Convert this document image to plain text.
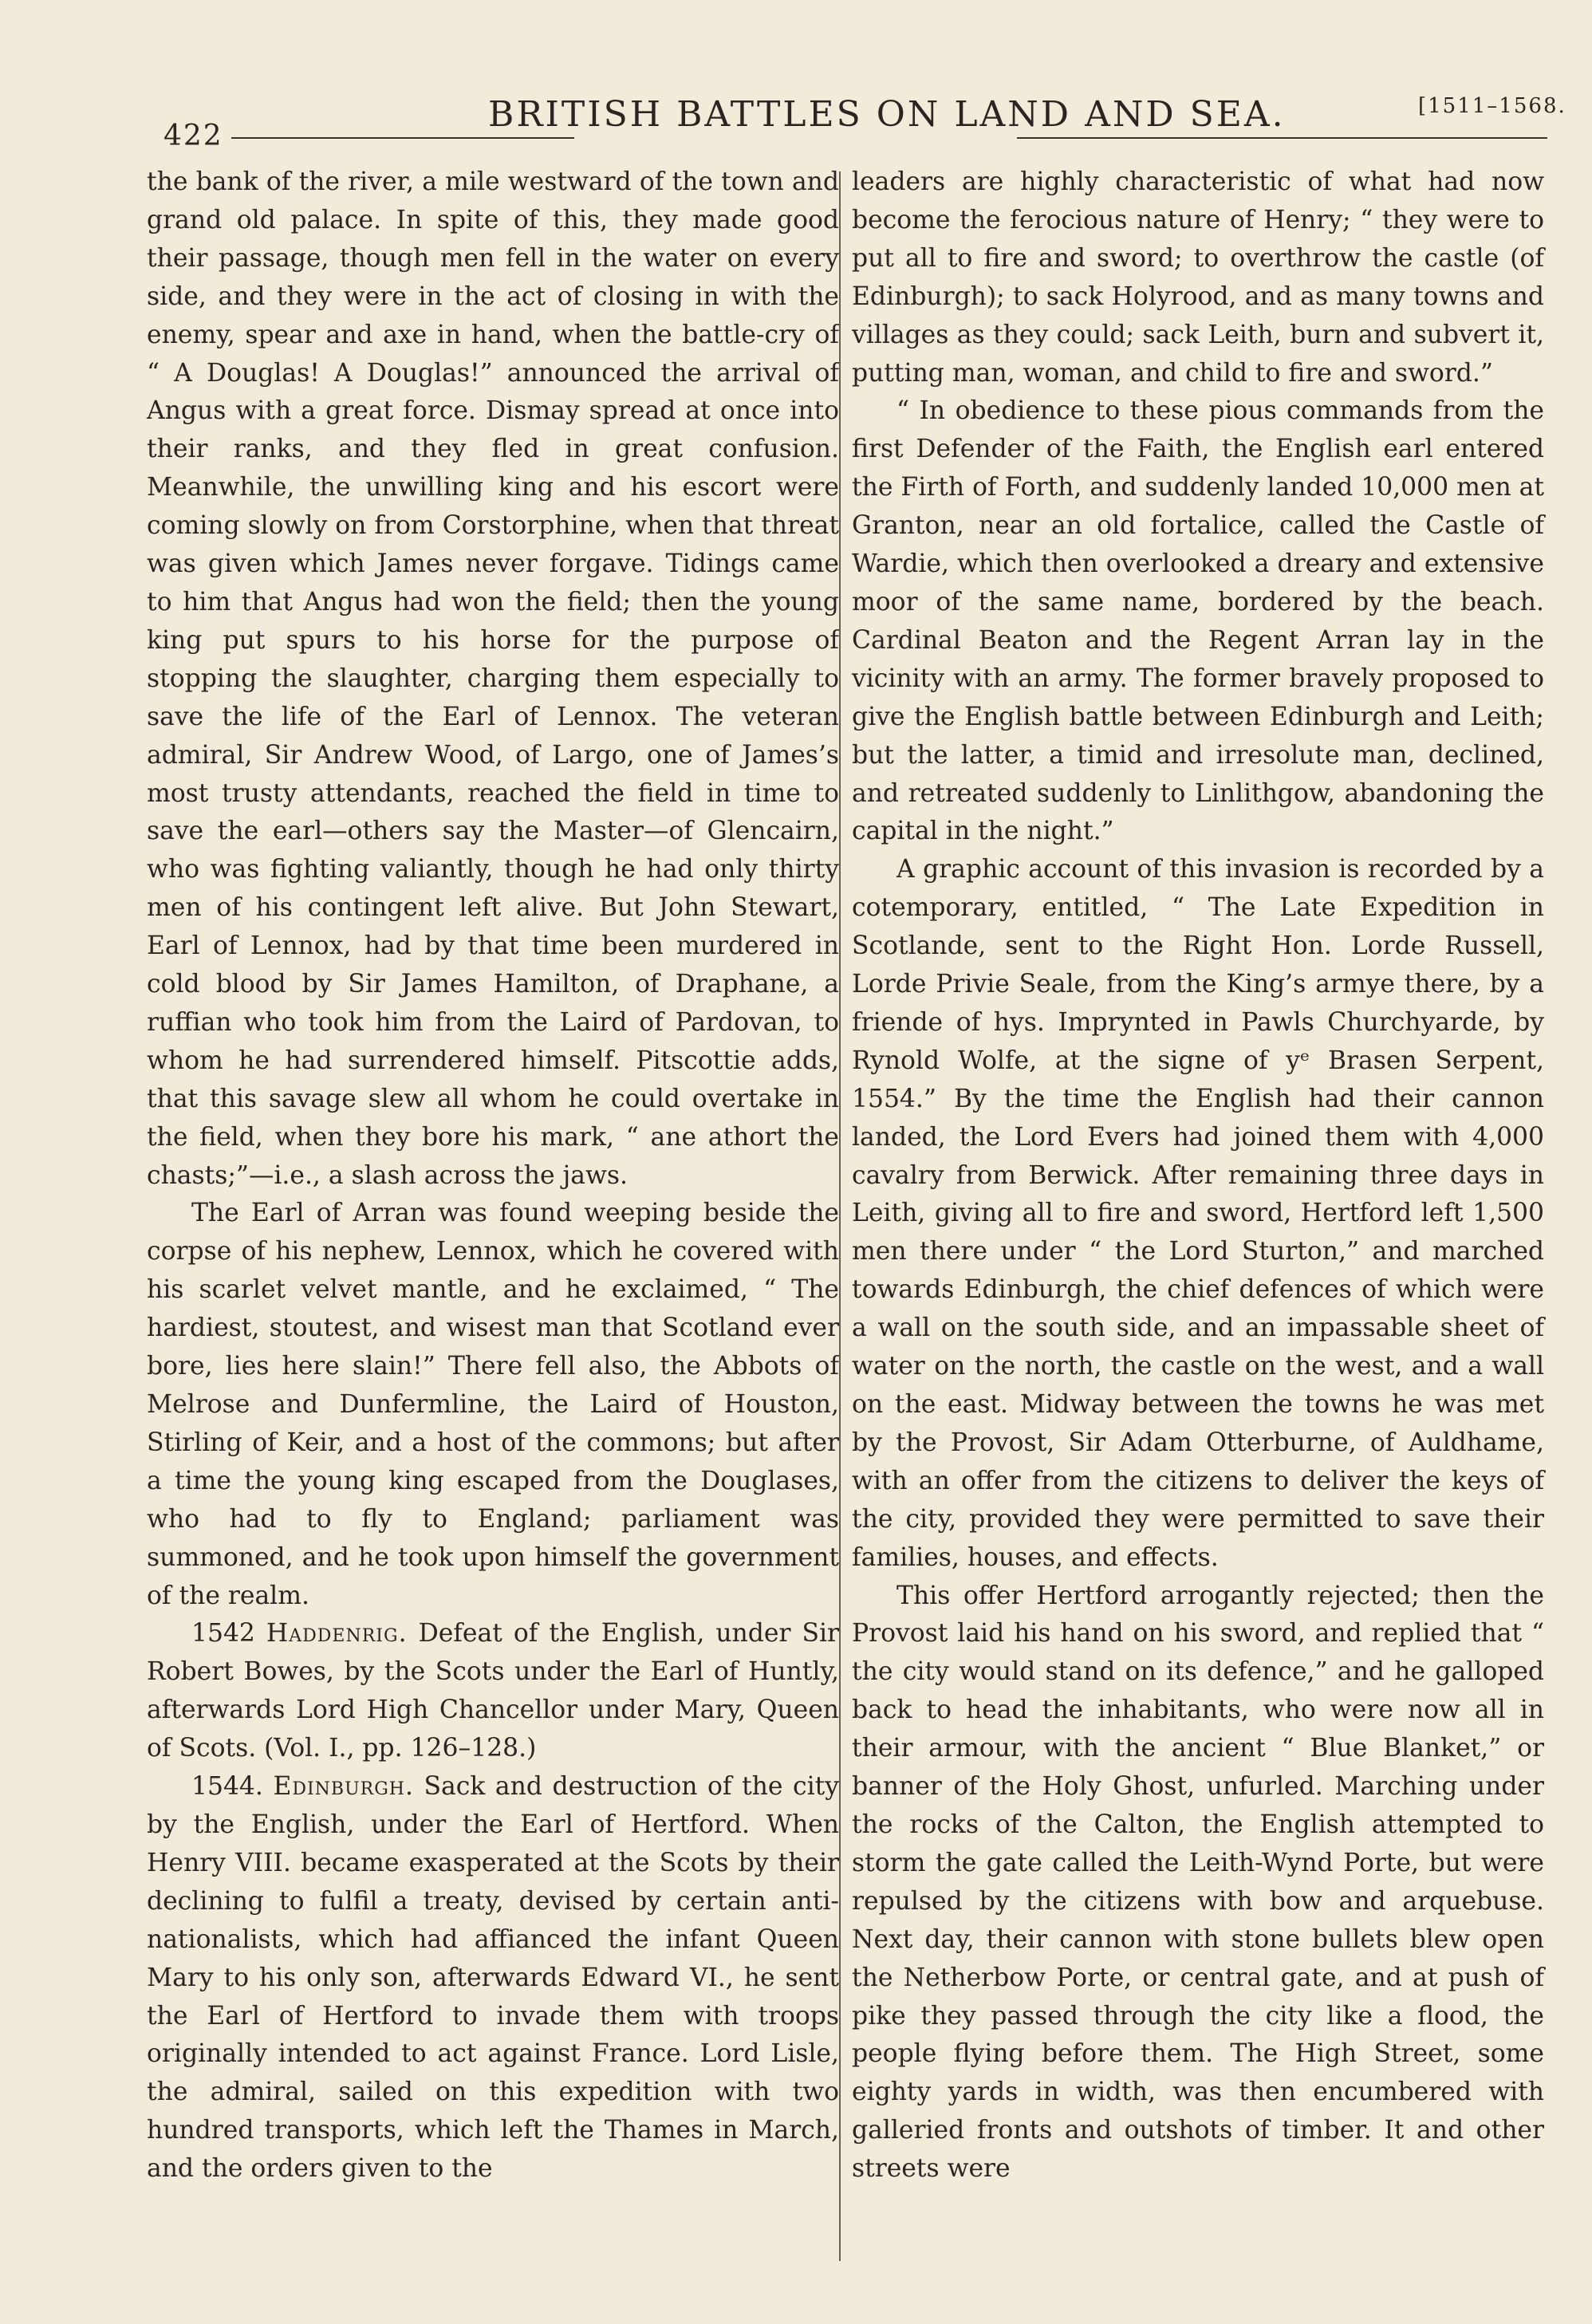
422
BRITISH BATTLES ON LAND AND SEA.	[1511–1568.

the bank of the river, a mile westward of the town and grand old palace. In spite of this, they made good their passage, though men fell in the water on every side, and they were in the act of closing in with the enemy, spear and axe in hand, when the battle-cry of “ A Douglas! A Douglas!” announced the arrival of Angus with a great force. Dismay spread at once into their ranks, and they fled in great confusion. Meanwhile, the unwilling king and his escort were coming slowly on from Corstorphine, when that threat was given which James never forgave. Tidings came to him that Angus had won the field; then the young king put spurs to his horse for the purpose of stopping the slaughter, charging them especially to save the life of the Earl of Lennox. The veteran admiral, Sir Andrew Wood, of Largo, one of James’s most trusty attendants, reached the field in time to save the earl—others say the Master—of Glencairn, who was fighting valiantly, though he had only thirty men of his contingent left alive. But John Stewart, Earl of Lennox, had by that time been murdered in cold blood by Sir James Hamilton, of Draphane, a ruffian who took him from the Laird of Pardovan, to whom he had surrendered himself. Pitscottie adds, that this savage slew all whom he could overtake in the field, when they bore his mark, “ ane athort the chasts;”—i.e., a slash across the jaws.

The Earl of Arran was found weeping beside the corpse of his nephew, Lennox, which he covered with his scarlet velvet mantle, and he exclaimed, “ The hardiest, stoutest, and wisest man that Scotland ever bore, lies here slain!” There fell also, the Abbots of Melrose and Dunfermline, the Laird of Houston, Stirling of Keir, and a host of the commons; but after a time the young king escaped from the Douglases, who had to fly to England; parliament was summoned, and he took upon himself the government of the realm.

1542 Haddenrig. Defeat of the English, under Sir Robert Bowes, by the Scots under the Earl of Huntly, afterwards Lord High Chancellor under Mary, Queen of Scots. (Vol. I., pp. 126–128.)

1544. Edinburgh. Sack and destruction of the city by the English, under the Earl of Hertford. When Henry VIII. became exasperated at the Scots by their declining to fulfil a treaty, devised by certain anti-nationalists, which had affianced the infant Queen Mary to his only son, afterwards Edward VI., he sent the Earl of Hertford to invade them with troops originally intended to act against France. Lord Lisle, the admiral, sailed on this expedition with two hundred transports, which left the Thames in March, and the orders given to the

leaders are highly characteristic of what had now become the ferocious nature of Henry; “ they were to put all to fire and sword; to overthrow the castle (of Edinburgh); to sack Holyrood, and as many towns and villages as they could; sack Leith, burn and subvert it, putting man, woman, and child to fire and sword.”

“ In obedience to these pious commands from the first Defender of the Faith, the English earl entered the Firth of Forth, and suddenly landed 10,000 men at Granton, near an old fortalice, called the Castle of Wardie, which then overlooked a dreary and extensive moor of the same name, bordered by the beach. Cardinal Beaton and the Regent Arran lay in the vicinity with an army. The former bravely proposed to give the English battle between Edinburgh and Leith; but the latter, a timid and irresolute man, declined, and retreated suddenly to Linlithgow, abandoning the capital in the night.”

A graphic account of this invasion is recorded by a cotemporary, entitled, “ The Late Expedition in Scotlande, sent to the Right Hon. Lorde Russell, Lorde Privie Seale, from the King’s armye there, by a friende of hys. Imprynted in Pawls Churchyarde, by Rynold Wolfe, at the signe of yᵉ Brasen Serpent, 1554.” By the time the English had their cannon landed, the Lord Evers had joined them with 4,000 cavalry from Berwick. After remaining three days in Leith, giving all to fire and sword, Hertford left 1,500 men there under “ the Lord Sturton,” and marched towards Edinburgh, the chief defences of which were a wall on the south side, and an impassable sheet of water on the north, the castle on the west, and a wall on the east. Midway between the towns he was met by the Provost, Sir Adam Otterburne, of Auldhame, with an offer from the citizens to deliver the keys of the city, provided they were permitted to save their families, houses, and effects.

This offer Hertford arrogantly rejected; then the Provost laid his hand on his sword, and replied that “ the city would stand on its defence,” and he galloped back to head the inhabitants, who were now all in their armour, with the ancient “ Blue Blanket,” or banner of the Holy Ghost, unfurled. Marching under the rocks of the Calton, the English attempted to storm the gate called the Leith-Wynd Porte, but were repulsed by the citizens with bow and arquebuse. Next day, their cannon with stone bullets blew open the Netherbow Porte, or central gate, and at push of pike they passed through the city like a flood, the people flying before them. The High Street, some eighty yards in width, was then encumbered with galleried fronts and outshots of timber. It and other streets were
